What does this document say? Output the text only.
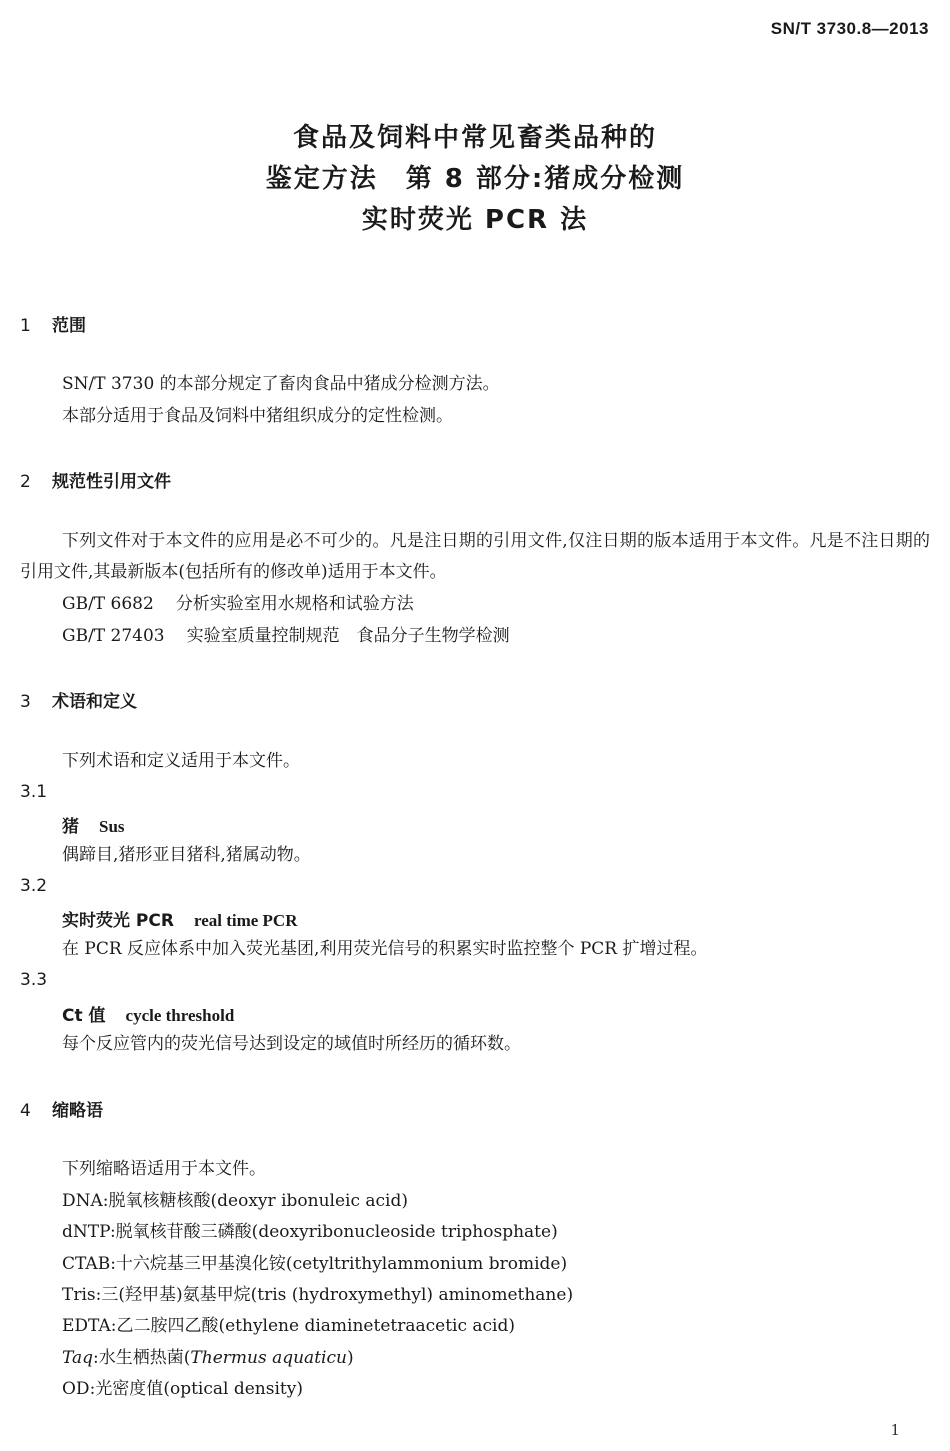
SN/T 3730.8—2013
食品及饲料中常见畜类品种的
鉴定方法　第 8 部分:猪成分检测
实时荧光 PCR 法
1 范围
SN/T 3730 的本部分规定了畜肉食品中猪成分检测方法。
本部分适用于食品及饲料中猪组织成分的定性检测。
2 规范性引用文件
下列文件对于本文件的应用是必不可少的。凡是注日期的引用文件,仅注日期的版本适用于本文件。凡是不注日期的引用文件,其最新版本(包括所有的修改单)适用于本文件。
GB/T 6682 分析实验室用水规格和试验方法
GB/T 27403 实验室质量控制规范　食品分子生物学检测
3 术语和定义
下列术语和定义适用于本文件。
3.1
猪 Sus
偶蹄目,猪形亚目猪科,猪属动物。
3.2
实时荧光 PCR real time PCR
在 PCR 反应体系中加入荧光基团,利用荧光信号的积累实时监控整个 PCR 扩增过程。
3.3
Ct 值 cycle threshold
每个反应管内的荧光信号达到设定的域值时所经历的循环数。
4 缩略语
下列缩略语适用于本文件。
DNA:脱氧核糖核酸(deoxyr ibonuleic acid)
dNTP:脱氧核苷酸三磷酸(deoxyribonucleoside triphosphate)
CTAB:十六烷基三甲基溴化铵(cetyltrithylammonium bromide)
Tris:三(羟甲基)氨基甲烷(tris (hydroxymethyl) aminomethane)
EDTA:乙二胺四乙酸(ethylene diaminetetraacetic acid)
Taq:水生栖热菌(Thermus aquaticu)
OD:光密度值(optical density)
1
